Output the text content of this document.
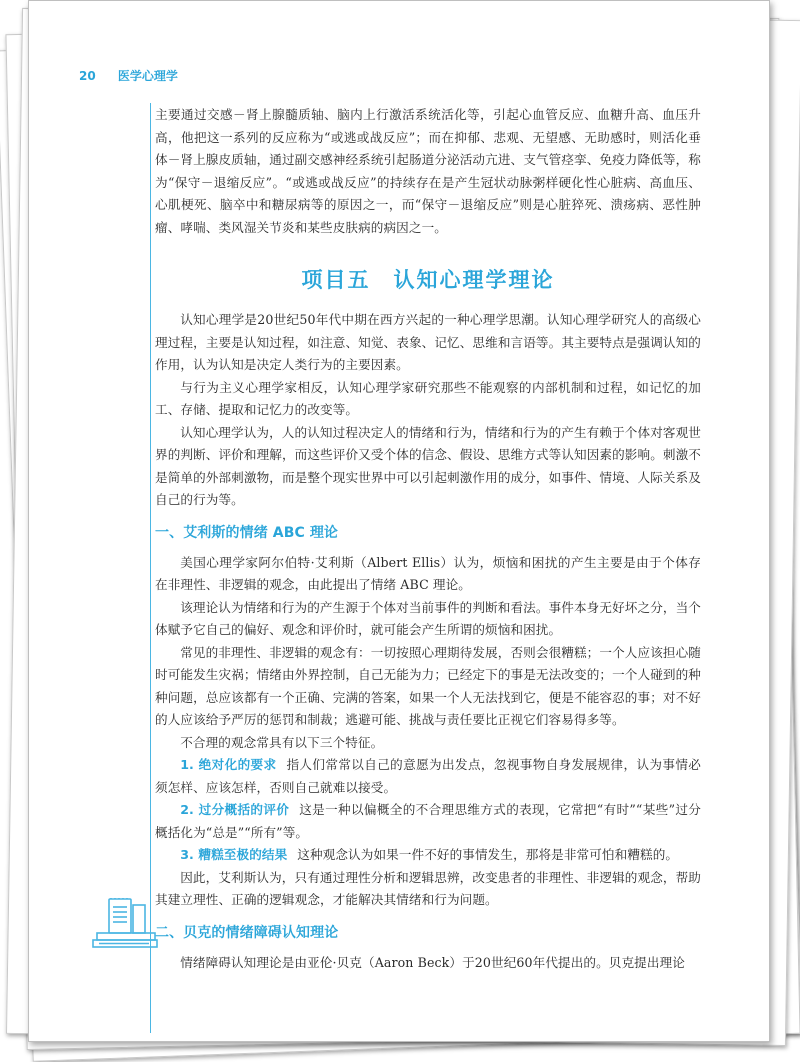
20 医学心理学

主要通过交感－肾上腺髓质轴、脑内上行激活系统活化等，引起心血管反应、血糖升高、血压升高，他把这一系列的反应称为“或逃或战反应”；而在抑郁、悲观、无望感、无助感时，则活化垂体－肾上腺皮质轴，通过副交感神经系统引起肠道分泌活动亢进、支气管痉挛、免疫力降低等，称为“保守－退缩反应”。“或逃或战反应”的持续存在是产生冠状动脉粥样硬化性心脏病、高血压、心肌梗死、脑卒中和糖尿病等的原因之一，而“保守－退缩反应”则是心脏猝死、溃疡病、恶性肿瘤、哮喘、类风湿关节炎和某些皮肤病的病因之一。

项目五　认知心理学理论

认知心理学是20世纪50年代中期在西方兴起的一种心理学思潮。认知心理学研究人的高级心理过程，主要是认知过程，如注意、知觉、表象、记忆、思维和言语等。其主要特点是强调认知的作用，认为认知是决定人类行为的主要因素。

与行为主义心理学家相反，认知心理学家研究那些不能观察的内部机制和过程，如记忆的加工、存储、提取和记忆力的改变等。

认知心理学认为，人的认知过程决定人的情绪和行为，情绪和行为的产生有赖于个体对客观世界的判断、评价和理解，而这些评价又受个体的信念、假设、思维方式等认知因素的影响。刺激不是简单的外部刺激物，而是整个现实世界中可以引起刺激作用的成分，如事件、情境、人际关系及自己的行为等。

一、艾利斯的情绪 ABC 理论

美国心理学家阿尔伯特·艾利斯（Albert Ellis）认为，烦恼和困扰的产生主要是由于个体存在非理性、非逻辑的观念，由此提出了情绪 ABC 理论。

该理论认为情绪和行为的产生源于个体对当前事件的判断和看法。事件本身无好坏之分，当个体赋予它自己的偏好、观念和评价时，就可能会产生所谓的烦恼和困扰。

常见的非理性、非逻辑的观念有：一切按照心理期待发展，否则会很糟糕；一个人应该担心随时可能发生灾祸；情绪由外界控制，自己无能为力；已经定下的事是无法改变的；一个人碰到的种种问题，总应该都有一个正确、完满的答案，如果一个人无法找到它，便是不能容忍的事；对不好的人应该给予严厉的惩罚和制裁；逃避可能、挑战与责任要比正视它们容易得多等。

不合理的观念常具有以下三个特征。

1. 绝对化的要求 指人们常常以自己的意愿为出发点，忽视事物自身发展规律，认为事情必须怎样、应该怎样，否则自己就难以接受。

2. 过分概括的评价 这是一种以偏概全的不合理思维方式的表现，它常把“有时”“某些”过分概括化为“总是”“所有”等。

3. 糟糕至极的结果 这种观念认为如果一件不好的事情发生，那将是非常可怕和糟糕的。

因此，艾利斯认为，只有通过理性分析和逻辑思辨，改变患者的非理性、非逻辑的观念，帮助其建立理性、正确的逻辑观念，才能解决其情绪和行为问题。

二、贝克的情绪障碍认知理论

情绪障碍认知理论是由亚伦·贝克（Aaron Beck）于20世纪60年代提出的。贝克提出理论
